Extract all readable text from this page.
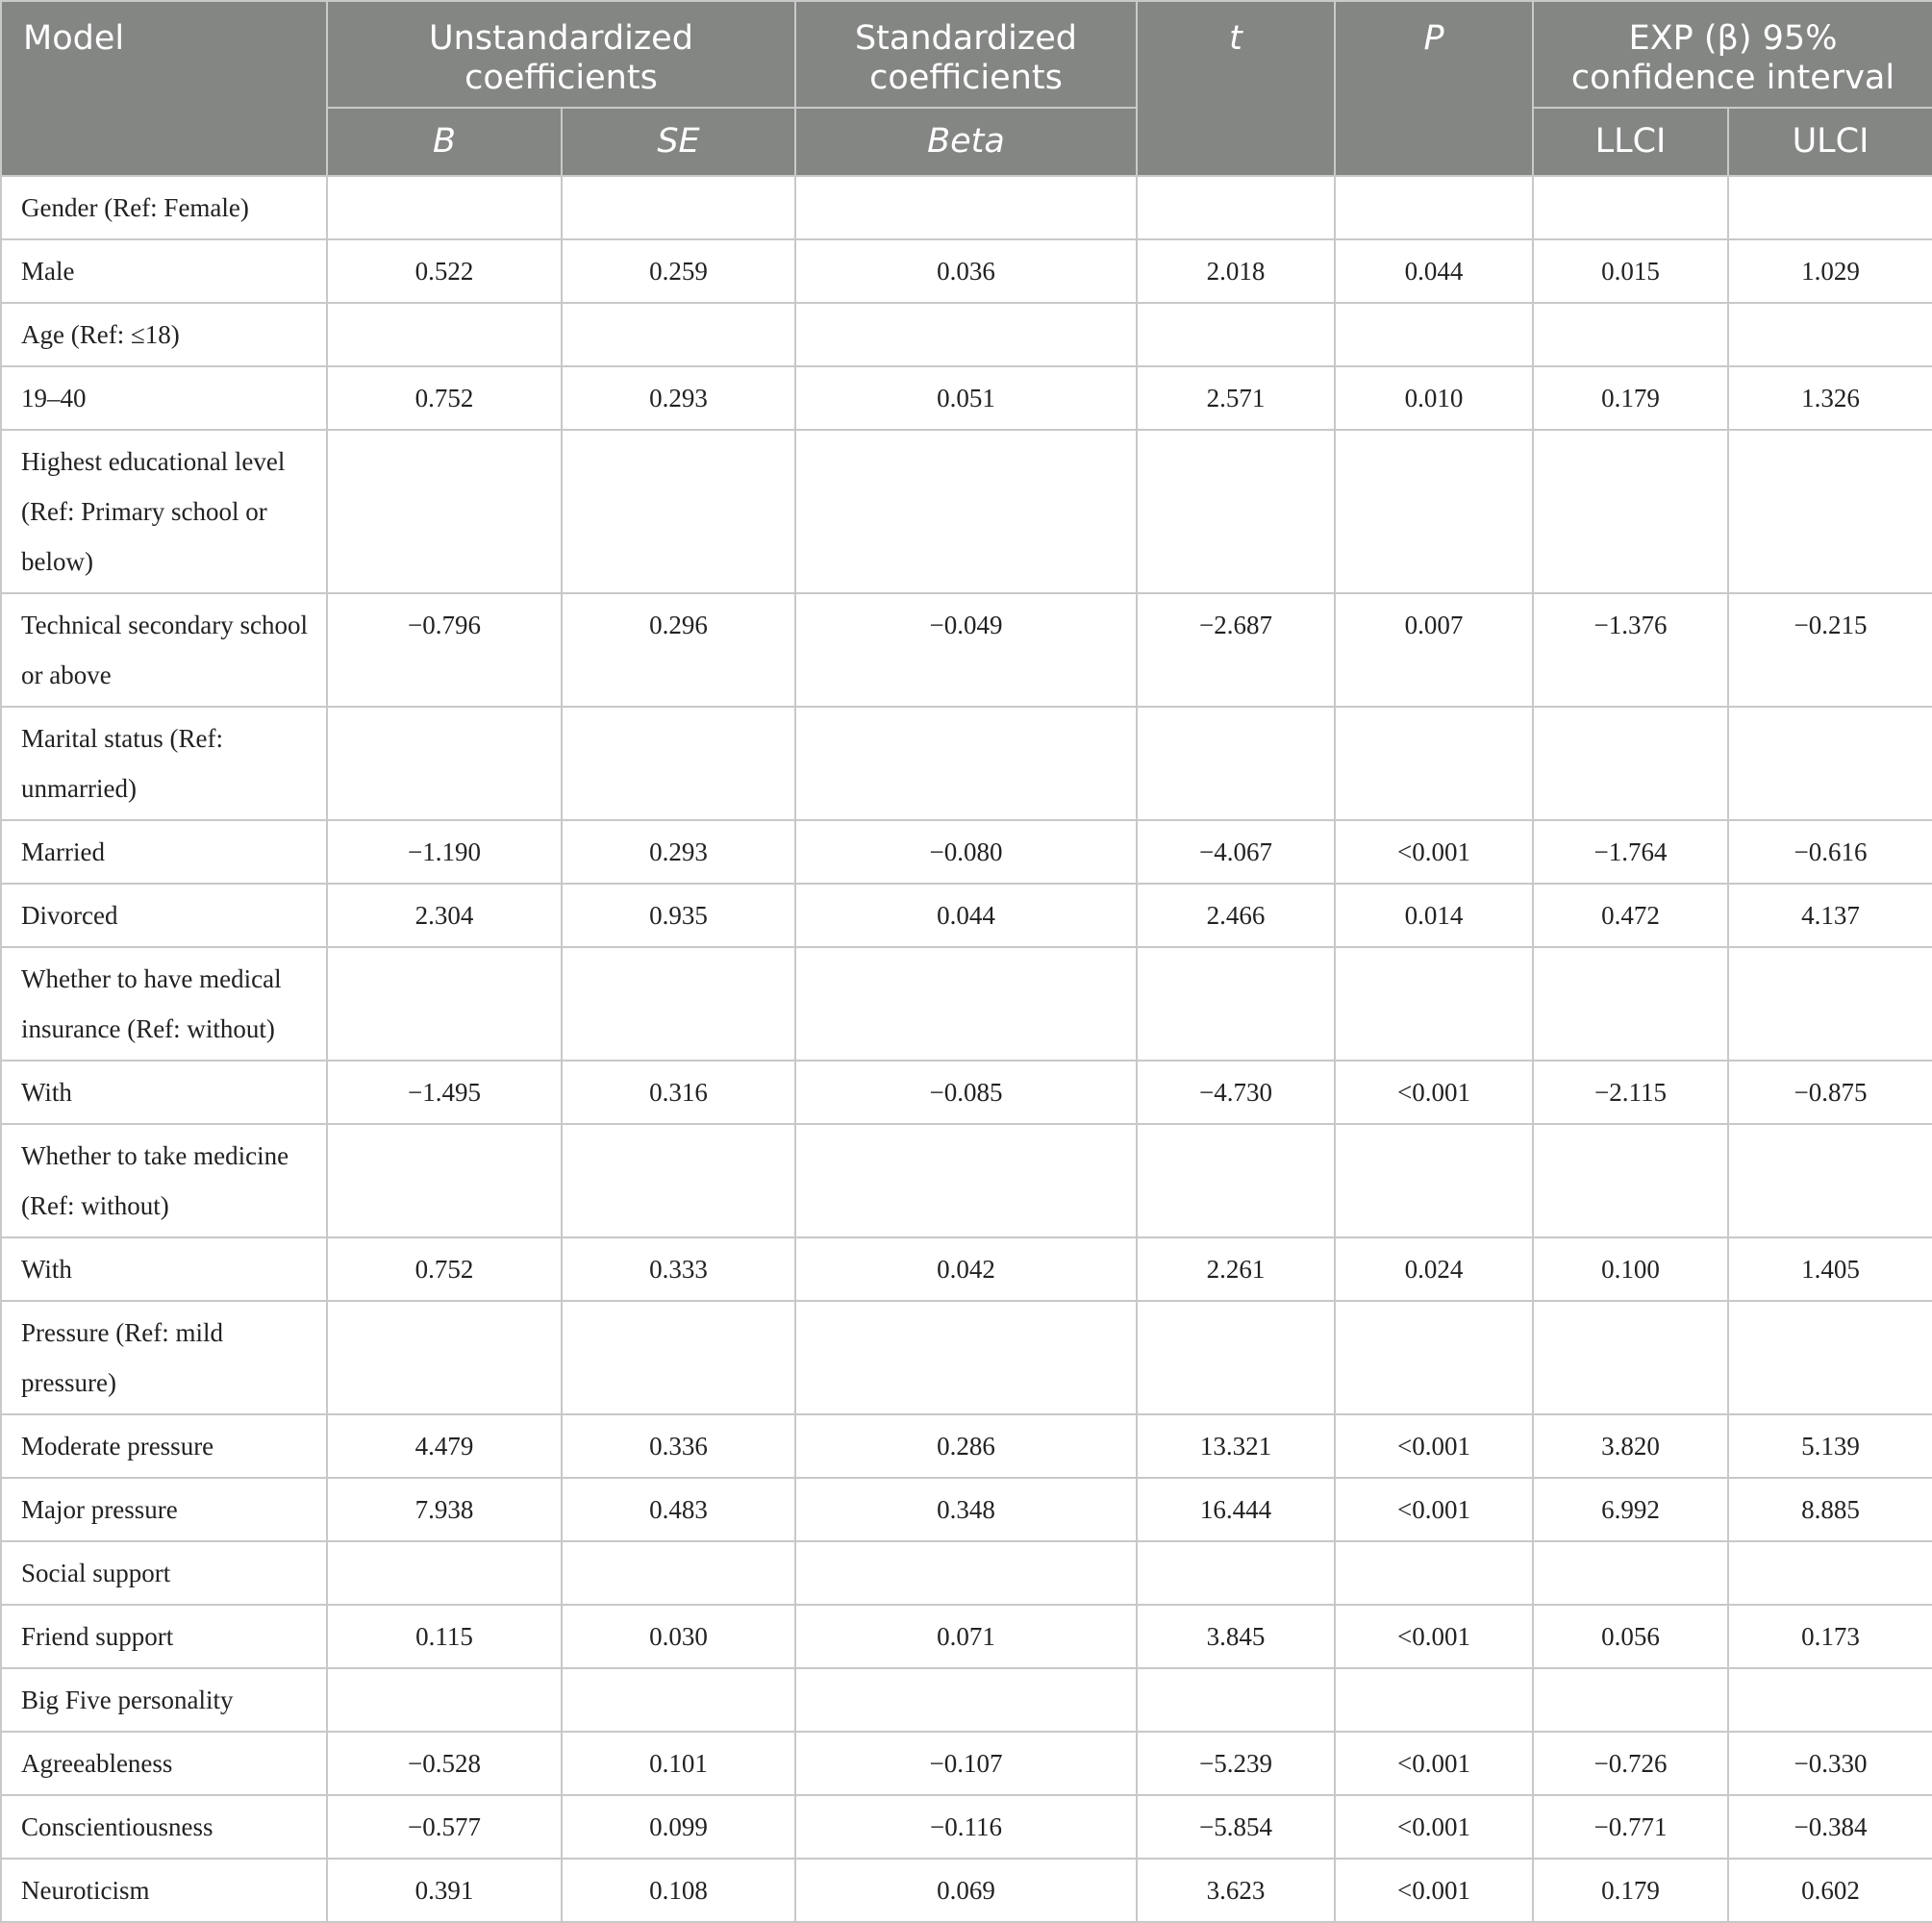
Model	Unstandardized coefficients		Standardized coefficients	t	P	EXP (β) 95% confidence interval	
	B	SE	Beta			LLCI	ULCI
Gender (Ref: Female)							
Male	0.522	0.259	0.036	2.018	0.044	0.015	1.029
Age (Ref: ≤18)							
19–40	0.752	0.293	0.051	2.571	0.010	0.179	1.326
Highest educational level (Ref: Primary school or below)							
Technical secondary school or above	−0.796	0.296	−0.049	−2.687	0.007	−1.376	−0.215
Marital status (Ref: unmarried)							
Married	−1.190	0.293	−0.080	−4.067	<0.001	−1.764	−0.616
Divorced	2.304	0.935	0.044	2.466	0.014	0.472	4.137
Whether to have medical insurance (Ref: without)							
With	−1.495	0.316	−0.085	−4.730	<0.001	−2.115	−0.875
Whether to take medicine (Ref: without)							
With	0.752	0.333	0.042	2.261	0.024	0.100	1.405
Pressure (Ref: mild pressure)							
Moderate pressure	4.479	0.336	0.286	13.321	<0.001	3.820	5.139
Major pressure	7.938	0.483	0.348	16.444	<0.001	6.992	8.885
Social support							
Friend support	0.115	0.030	0.071	3.845	<0.001	0.056	0.173
Big Five personality							
Agreeableness	−0.528	0.101	−0.107	−5.239	<0.001	−0.726	−0.330
Conscientiousness	−0.577	0.099	−0.116	−5.854	<0.001	−0.771	−0.384
Neuroticism	0.391	0.108	0.069	3.623	<0.001	0.179	0.602
